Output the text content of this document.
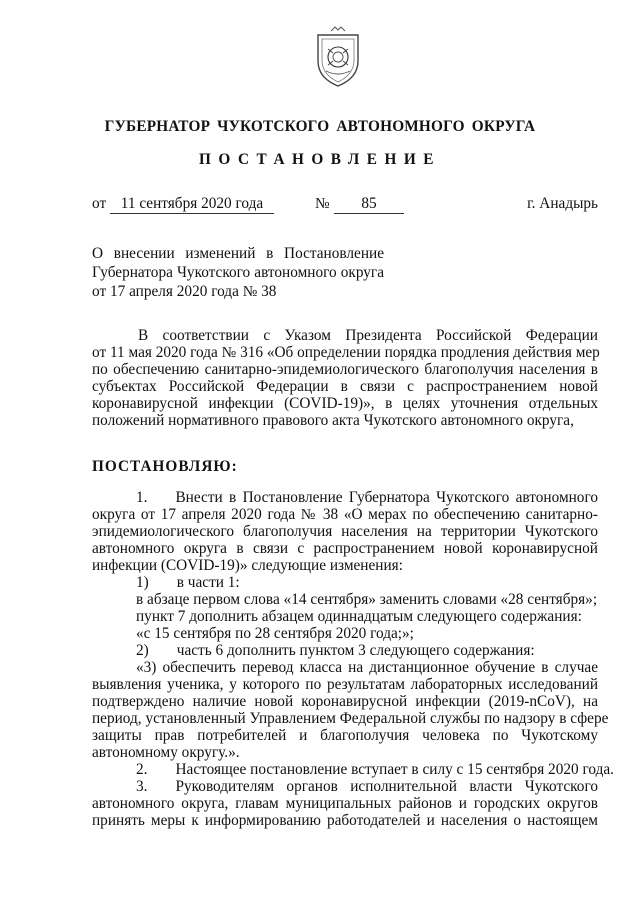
ГУБЕРНАТОР ЧУКОТСКОГО АВТОНОМНОГО ОКРУГА
ПОСТАНОВЛЕНИЕ
от 11 сентября 2020 года	№	85	г. Анадырь
О внесении изменений в Постановление
Губернатора Чукотского автономного округа
от 17 апреля 2020 года № 38
В соответствии с Указом Президента Российской Федерации
от 11 мая 2020 года № 316 «Об определении порядка продления действия мер
по обеспечению санитарно-эпидемиологического благополучия населения в
субъектах Российской Федерации в связи с распространением новой
коронавирусной инфекции (COVID-19)», в целях уточнения отдельных
положений нормативного правового акта Чукотского автономного округа,
ПОСТАНОВЛЯЮ:
1. Внести в Постановление Губернатора Чукотского автономного
округа от 17 апреля 2020 года № 38 «О мерах по обеспечению санитарно-
эпидемиологического благополучия населения на территории Чукотского
автономного округа в связи с распространением новой коронавирусной
инфекции (COVID-19)» следующие изменения:
1) в части 1:
в абзаце первом слова «14 сентября» заменить словами «28 сентября»;
пункт 7 дополнить абзацем одиннадцатым следующего содержания:
«с 15 сентября по 28 сентября 2020 года;»;
2) часть 6 дополнить пунктом 3 следующего содержания:
«3) обеспечить перевод класса на дистанционное обучение в случае
выявления ученика, у которого по результатам лабораторных исследований
подтверждено наличие новой коронавирусной инфекции (2019-nCoV), на
период, установленный Управлением Федеральной службы по надзору в сфере
защиты прав потребителей и благополучия человека по Чукотскому
автономному округу.».
2. Настоящее постановление вступает в силу с 15 сентября 2020 года.
3. Руководителям органов исполнительной власти Чукотского
автономного округа, главам муниципальных районов и городских округов
принять меры к информированию работодателей и населения о настоящем
